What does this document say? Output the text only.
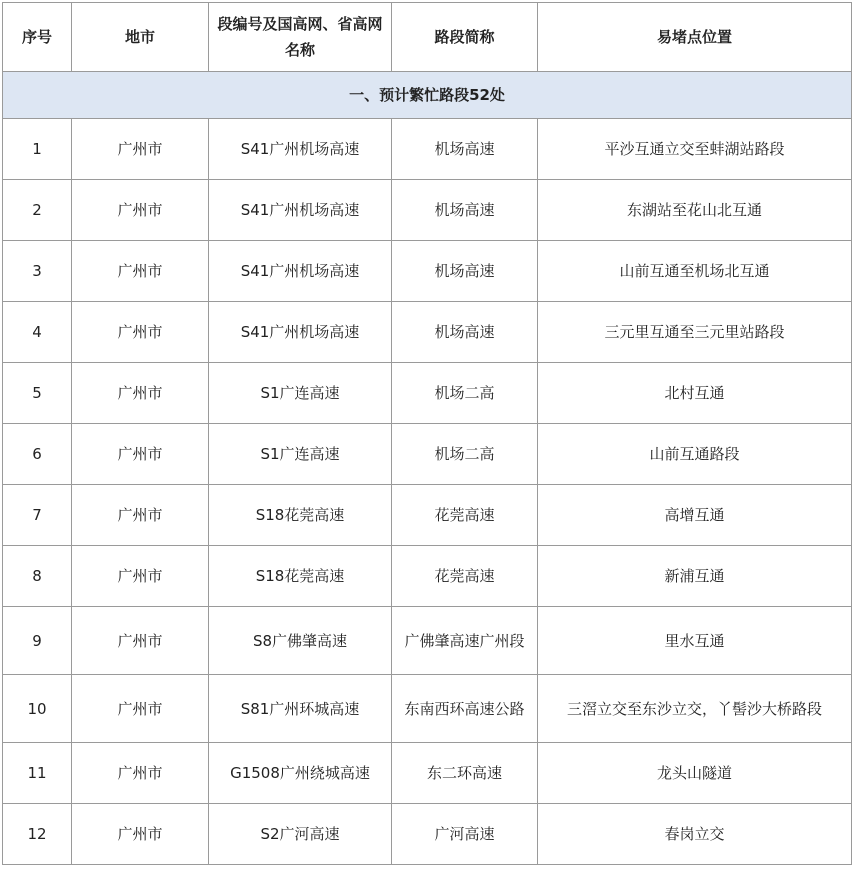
序号	地市	段编号及国高网、省高网名称	路段简称	易堵点位置
一、预计繁忙路段52处				
1	广州市	S41广州机场高速	机场高速	平沙互通立交至蚌湖站路段
2	广州市	S41广州机场高速	机场高速	东湖站至花山北互通
3	广州市	S41广州机场高速	机场高速	山前互通至机场北互通
4	广州市	S41广州机场高速	机场高速	三元里互通至三元里站路段
5	广州市	S1广连高速	机场二高	北村互通
6	广州市	S1广连高速	机场二高	山前互通路段
7	广州市	S18花莞高速	花莞高速	高增互通
8	广州市	S18花莞高速	花莞高速	新浦互通
9	广州市	S8广佛肇高速	广佛肇高速广州段	里水互通
10	广州市	S81广州环城高速	东南西环高速公路	三滘立交至东沙立交，丫髻沙大桥路段
11	广州市	G1508广州绕城高速	东二环高速	龙头山隧道
12	广州市	S2广河高速	广河高速	春岗立交
